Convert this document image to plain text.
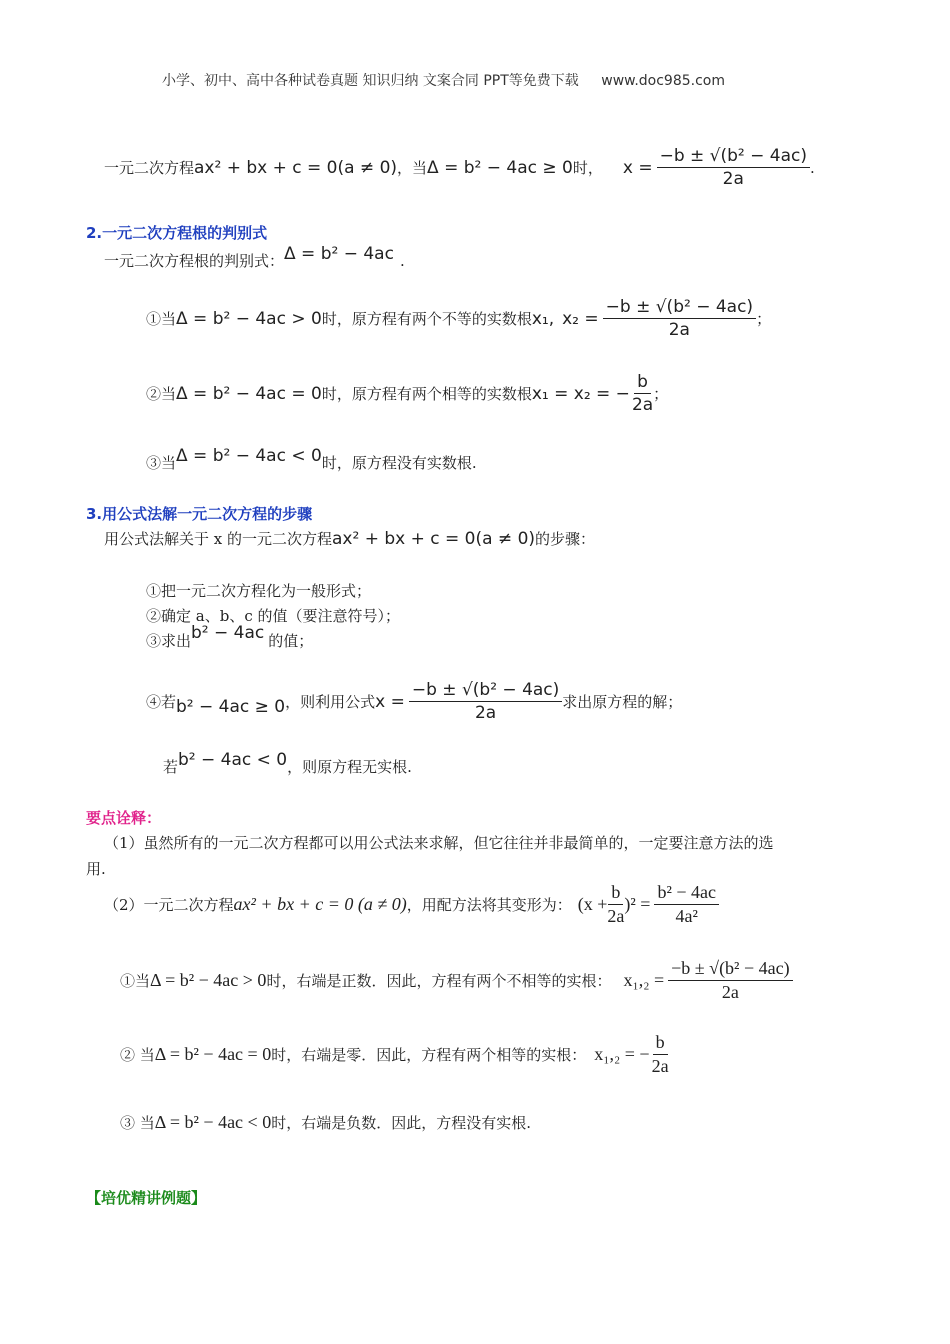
小学、初中、高中各种试卷真题 知识归纳 文案合同 PPT等免费下载 www.doc985.com
一元二次方程 ax² + bx + c = 0(a ≠ 0) ，当 Δ = b² − 4ac ≥ 0 时， $x = \frac{\text{−b ± √(b² − 4ac)}}{2a}$ .
2.一元二次方程根的判别式
一元二次方程根的判别式： Δ = b² − 4ac .
①当 Δ = b² − 4ac > 0 时，原方程有两个不等的实数根 x₁, $x_2 = \frac{\text{−b ± √(b² − 4ac)}}{2a}$ ；
②当 Δ = b² − 4ac = 0 时，原方程有两个相等的实数根 x₁ = x₂ = − $\frac{b}{2a}$ ；
③当 Δ = b² − 4ac < 0 时，原方程没有实数根.
3.用公式法解一元二次方程的步骤
用公式法解关于 x 的一元二次方程 ax² + bx + c = 0(a ≠ 0) 的步骤：
①把一元二次方程化为一般形式；
②确定 a、b、c 的值（要注意符号）；
③求出 b² − 4ac 的值；
④若 b² − 4ac ≥ 0 ，则利用公式 $x = \frac{\text{−b ± √(b² − 4ac)}}{2a}$ 求出原方程的解；
若 b² − 4ac < 0 ，则原方程无实根.
要点诠释：
（1）虽然所有的一元二次方程都可以用公式法来求解，但它往往并非最简单的，一定要注意方法的选
用.
（2）一元二次方程 ax² + bx + c = 0 (a ≠ 0) ，用配方法将其变形为： $(x + \frac{b}{2a} )^2 = \frac{\text{b² − 4ac}}{\text{4a²}}$
①当 Δ = b² − 4ac > 0 时，右端是正数．因此，方程有两个不相等的实根： $x_1,_2 = \frac{\text{−b ± √(b² − 4ac)}}{2a}$
② 当 Δ = b² − 4ac = 0 时，右端是零．因此，方程有两个相等的实根： x₁,₂ = − $\frac{b}{2a}$
③ 当 Δ = b² − 4ac < 0 时，右端是负数．因此，方程没有实根.
【培优精讲例题】
